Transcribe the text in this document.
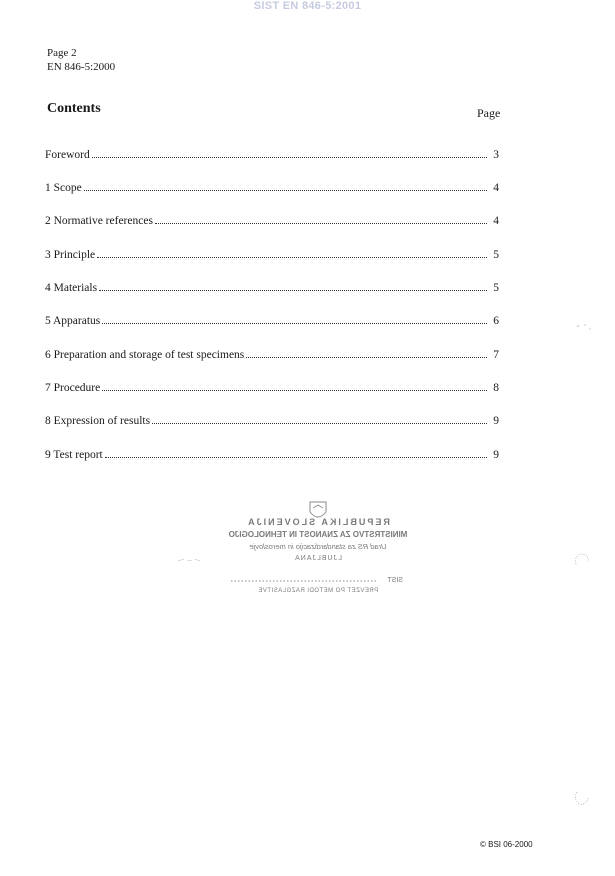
SIST EN 846-5:2001
Page 2
EN 846-5:2000
Contents	Page
Foreword	3
1 Scope	4
2 Normative references	4
3 Principle	5
4 Materials	5
5 Apparatus	6
6 Preparation and storage of test specimens	7
7 Procedure	8
8 Expression of results	9
9 Test report	9
REPUBLIKA SLOVENIJA
MINISTRSTVO ZA ZNANOST IN TEHNOLOGIJO
Urad RS za standardizacijo in meroslovje
LJUBLJANA
SIST
PREVZET PO METODI RAZGLASITVE
© BSI 06-2000
